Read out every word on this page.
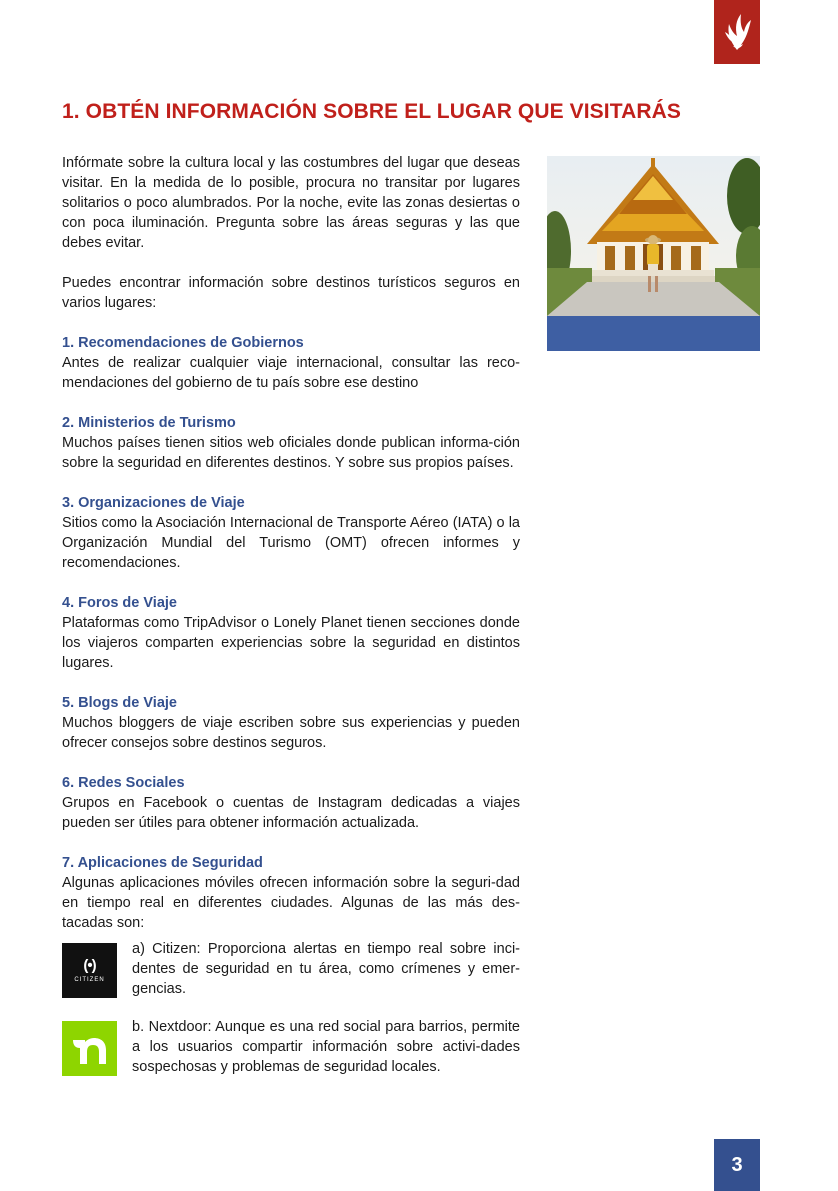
1. OBTÉN INFORMACIÓN SOBRE EL LUGAR QUE VISITARÁS

Infórmate sobre la cultura local y las costumbres del lugar que deseas visitar. En la medida de lo posible, procura no transitar por lugares solitarios o poco alumbrados. Por la noche, evite las zonas desiertas o con poca iluminación. Pregunta sobre las áreas seguras y las que debes evitar.

Puedes encontrar información sobre destinos turísticos seguros en varios lugares:

1. Recomendaciones de Gobiernos
Antes de realizar cualquier viaje internacional, consultar las reco-mendaciones del gobierno de tu país sobre ese destino
2. Ministerios de Turismo
Muchos países tienen sitios web oficiales donde publican informa-ción sobre la seguridad en diferentes destinos. Y sobre sus propios países.
3. Organizaciones de Viaje
Sitios como la Asociación Internacional de Transporte Aéreo (IATA) o la Organización Mundial del Turismo (OMT) ofrecen informes y recomendaciones.
4. Foros de Viaje
Plataformas como TripAdvisor o Lonely Planet tienen secciones donde los viajeros comparten experiencias sobre la seguridad en distintos lugares.
5. Blogs de Viaje
Muchos bloggers de viaje escriben sobre sus experiencias y pueden ofrecer consejos sobre destinos seguros.
6. Redes Sociales
Grupos en Facebook o cuentas de Instagram dedicadas a viajes pueden ser útiles para obtener información actualizada.
7. Aplicaciones de Seguridad
Algunas aplicaciones móviles ofrecen información sobre la seguri-dad en tiempo real en diferentes ciudades. Algunas de las más des-tacadas son:
(•)
CITIZEN
a) Citizen: Proporciona alertas en tiempo real sobre inci-dentes de seguridad en tu área, como crímenes y emer-gencias.
b. Nextdoor: Aunque es una red social para barrios, permite a los usuarios compartir información sobre activi-dades sospechosas y problemas de seguridad locales.
3
